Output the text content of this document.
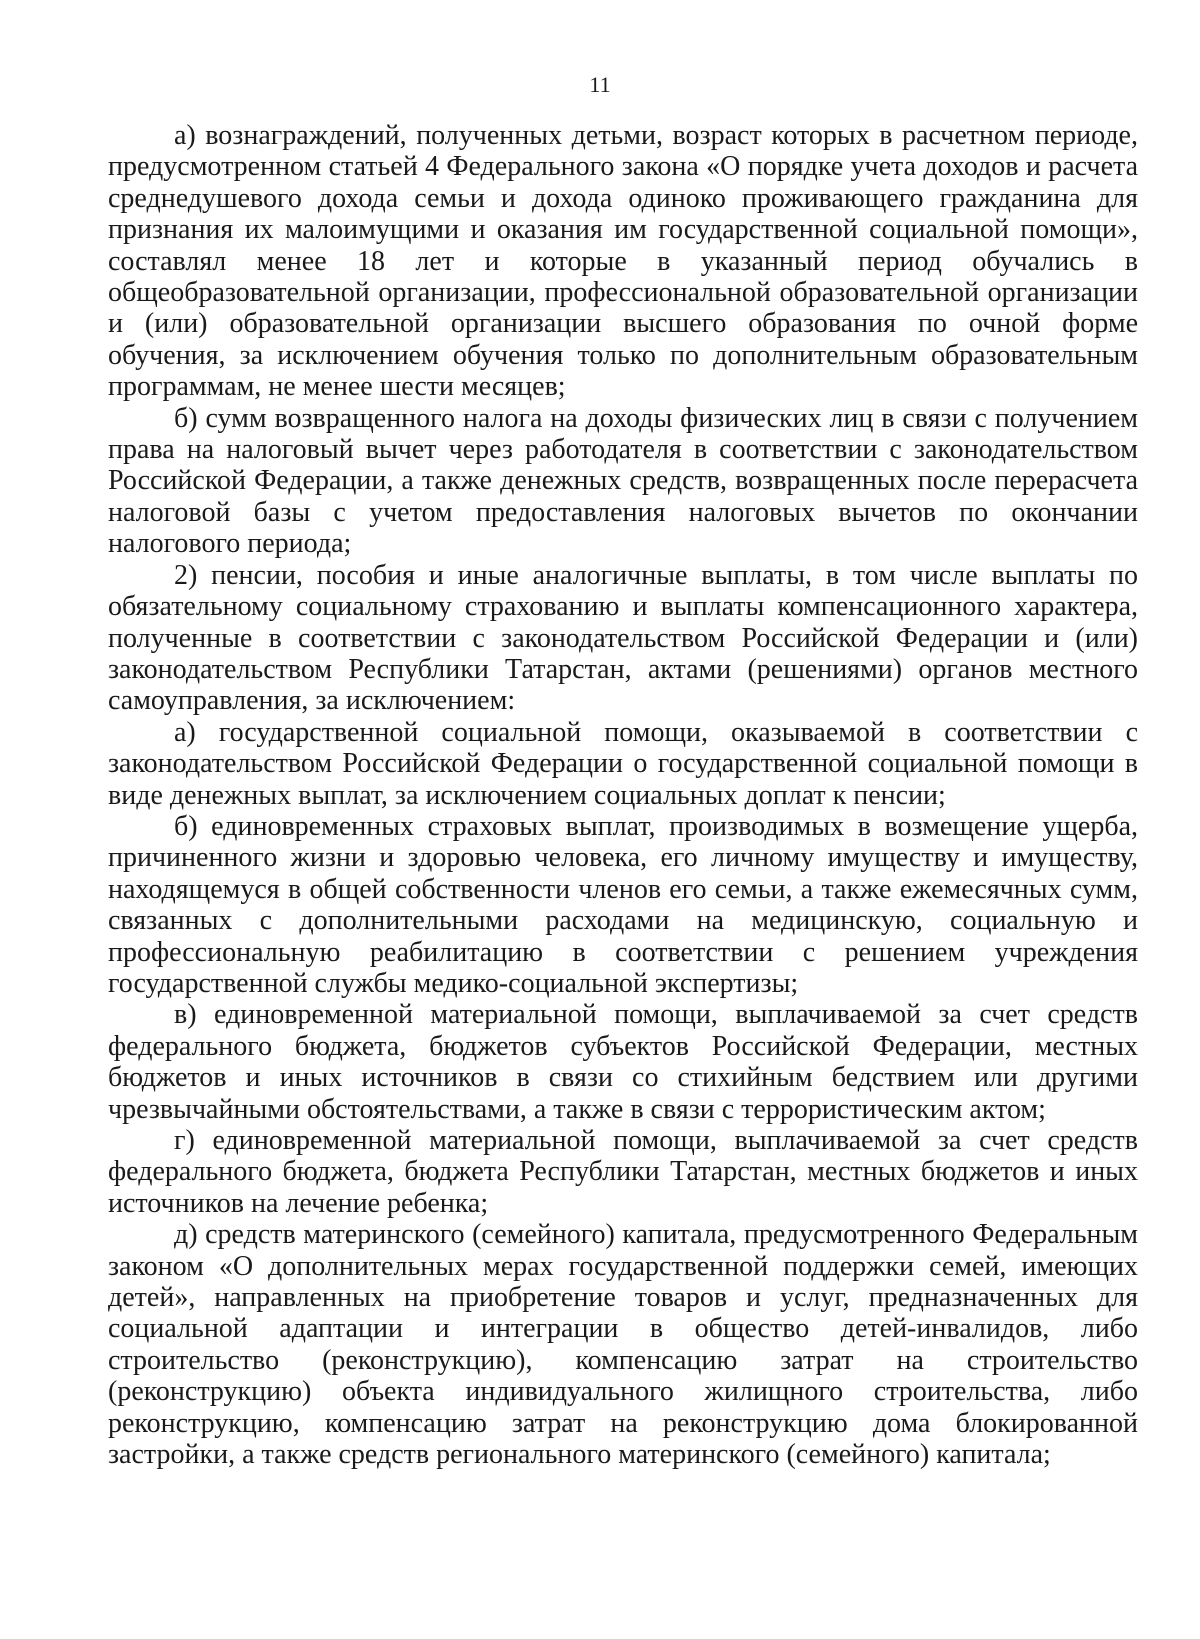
11

а) вознаграждений, полученных детьми, возраст которых в расчетном периоде, предусмотренном статьей 4 Федерального закона «О порядке учета доходов и расчета среднедушевого дохода семьи и дохода одиноко проживающего гражданина для признания их малоимущими и оказания им государственной социальной помощи», составлял менее 18 лет и которые в указанный период обучались в общеобразовательной организации, профессиональной образовательной организации и (или) образовательной организации высшего образования по очной форме обучения, за исключением обучения только по дополнительным образовательным программам, не менее шести месяцев;

б) сумм возвращенного налога на доходы физических лиц в связи с получением права на налоговый вычет через работодателя в соответствии с законодательством Российской Федерации, а также денежных средств, возвращенных после перерасчета налоговой базы с учетом предоставления налоговых вычетов по окончании налогового периода;

2) пенсии, пособия и иные аналогичные выплаты, в том числе выплаты по обязательному социальному страхованию и выплаты компенсационного характера, полученные в соответствии с законодательством Российской Федерации и (или) законодательством Республики Татарстан, актами (решениями) органов местного самоуправления, за исключением:

а) государственной социальной помощи, оказываемой в соответствии с законодательством Российской Федерации о государственной социальной помощи в виде денежных выплат, за исключением социальных доплат к пенсии;

б) единовременных страховых выплат, производимых в возмещение ущерба, причиненного жизни и здоровью человека, его личному имуществу и имуществу, находящемуся в общей собственности членов его семьи, а также ежемесячных сумм, связанных с дополнительными расходами на медицинскую, социальную и профессиональную реабилитацию в соответствии с решением учреждения государственной службы медико-социальной экспертизы;

в) единовременной материальной помощи, выплачиваемой за счет средств федерального бюджета, бюджетов субъектов Российской Федерации, местных бюджетов и иных источников в связи со стихийным бедствием или другими чрезвычайными обстоятельствами, а также в связи с террористическим актом;

г) единовременной материальной помощи, выплачиваемой за счет средств федерального бюджета, бюджета Республики Татарстан, местных бюджетов и иных источников на лечение ребенка;

д) средств материнского (семейного) капитала, предусмотренного Федеральным законом «О дополнительных мерах государственной поддержки семей, имеющих детей», направленных на приобретение товаров и услуг, предназначенных для социальной адаптации и интеграции в общество детей-инвалидов, либо строительство (реконструкцию), компенсацию затрат на строительство (реконструкцию) объекта индивидуального жилищного строительства, либо реконструкцию, компенсацию затрат на реконструкцию дома блокированной застройки, а также средств регионального материнского (семейного) капитала;
